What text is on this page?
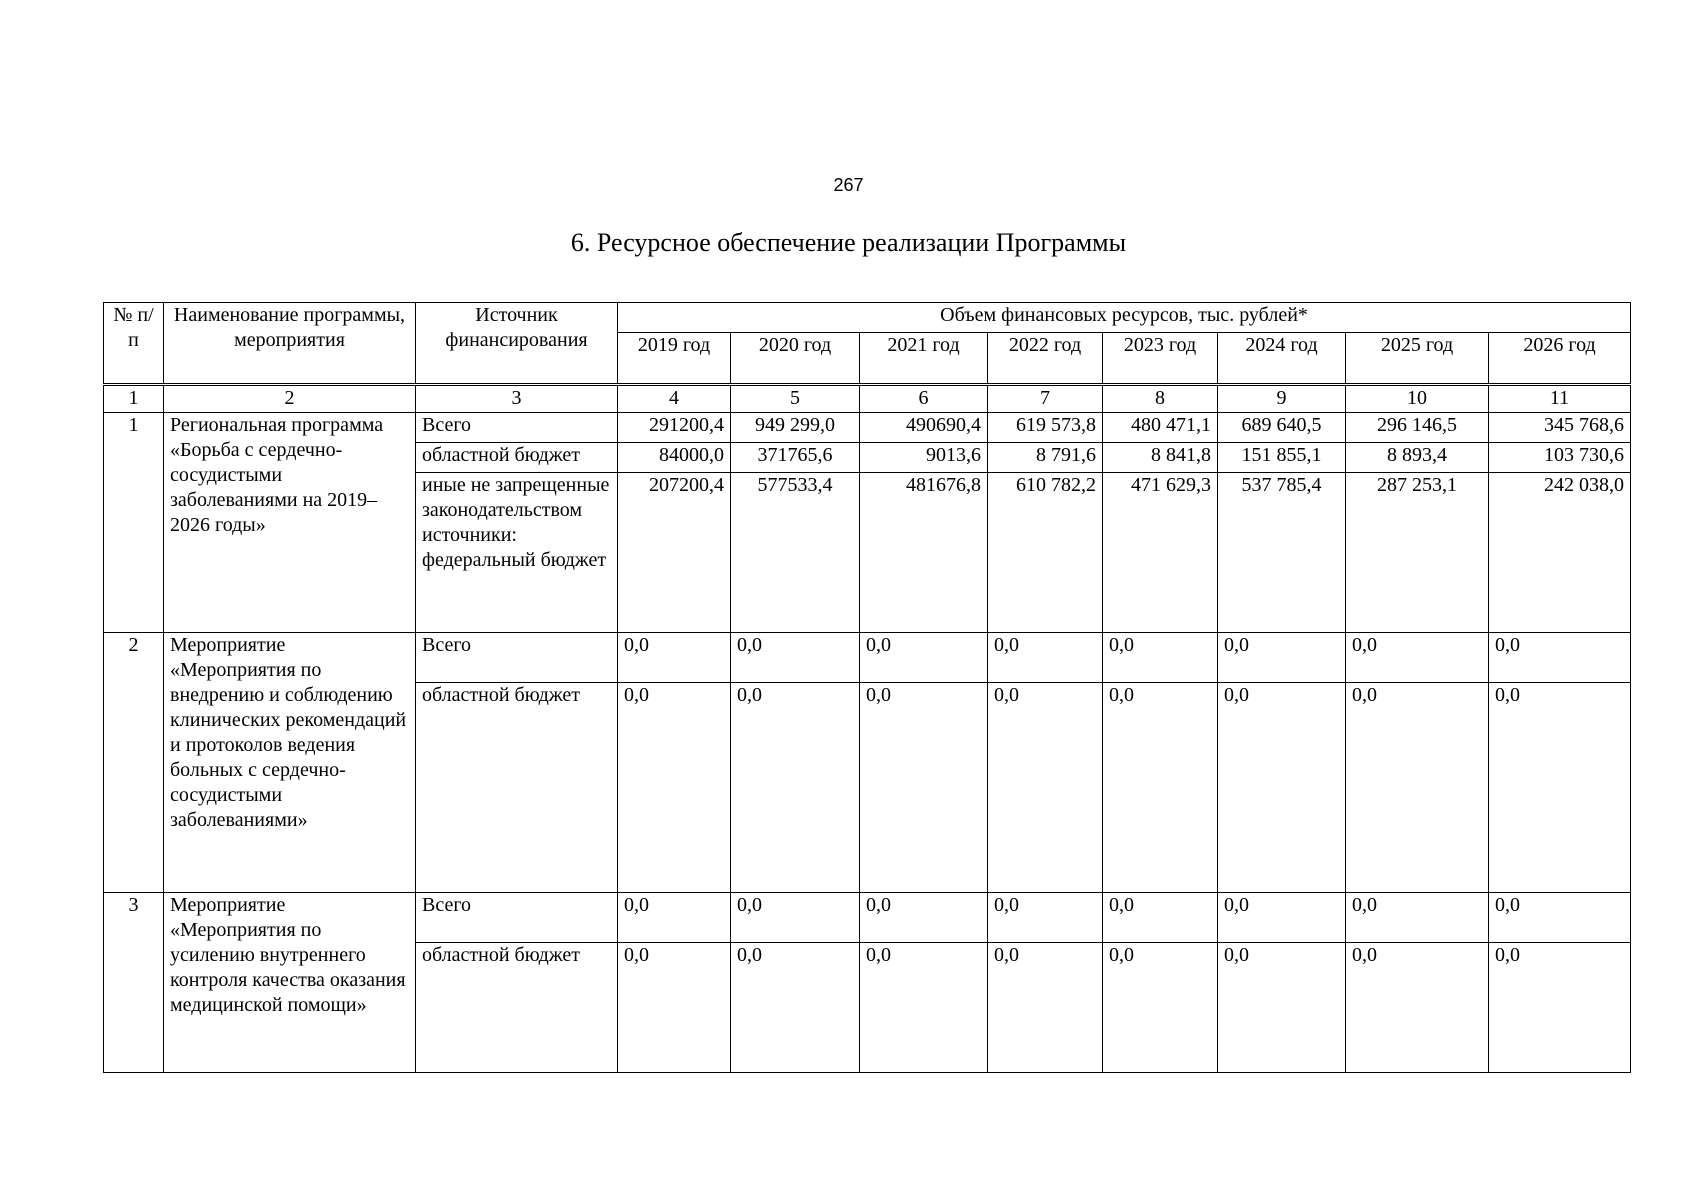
267
6. Ресурсное обеспечение реализации Программы
№ п/п	Наименование программы, мероприятия	Источник финансирования	Объем финансовых ресурсов, тыс. рублей*							
			2019 год	2020 год	2021 год	2022 год	2023 год	2024 год	2025 год	2026 год
1	2	3	4	5	6	7	8	9	10	11
1	Региональная программа «Борьба с сердечно-сосудистыми заболеваниями на 2019–2026 годы»	Всего	291200,4	949 299,0	490690,4	619 573,8	480 471,1	689 640,5	296 146,5	345 768,6
		областной бюджет	84000,0	371765,6	9013,6	8 791,6	8 841,8	151 855,1	8 893,4	103 730,6
		иные не запрещенные законодательством источники: федеральный бюджет	207200,4	577533,4	481676,8	610 782,2	471 629,3	537 785,4	287 253,1	242 038,0
2	Мероприятие «Мероприятия по внедрению и соблюдению клинических рекомендаций и протоколов ведения больных с сердечно-сосудистыми заболеваниями»	Всего	0,0	0,0	0,0	0,0	0,0	0,0	0,0	0,0
		областной бюджет	0,0	0,0	0,0	0,0	0,0	0,0	0,0	0,0
3	Мероприятие «Мероприятия по усилению внутреннего контроля качества оказания медицинской помощи»	Всего	0,0	0,0	0,0	0,0	0,0	0,0	0,0	0,0
		областной бюджет	0,0	0,0	0,0	0,0	0,0	0,0	0,0	0,0
